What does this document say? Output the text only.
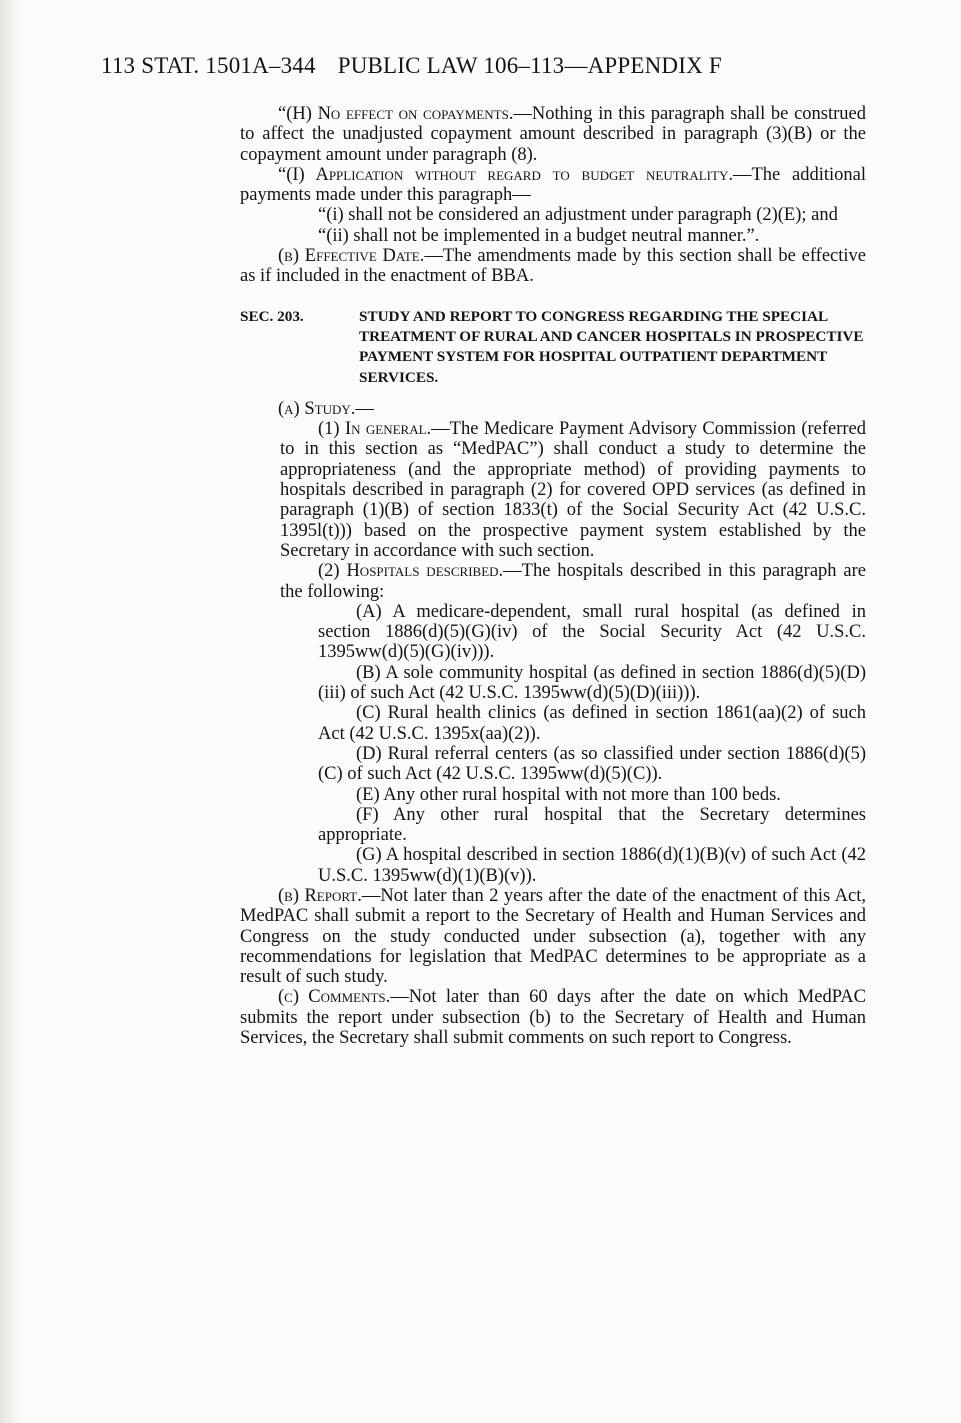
113 STAT. 1501A–344 PUBLIC LAW 106–113—APPENDIX F

“(H) No effect on copayments.—Nothing in this paragraph shall be construed to affect the unadjusted copayment amount described in paragraph (3)(B) or the copayment amount under paragraph (8).

“(I) Application without regard to budget neutrality.—The additional payments made under this paragraph—

“(i) shall not be considered an adjustment under paragraph (2)(E); and

“(ii) shall not be implemented in a budget neutral manner.”.

(b) Effective Date.—The amendments made by this section shall be effective as if included in the enactment of BBA.

SEC. 203.	STUDY AND REPORT TO CONGRESS REGARDING THE SPECIAL TREATMENT OF RURAL AND CANCER HOSPITALS IN PROSPECTIVE PAYMENT SYSTEM FOR HOSPITAL OUTPATIENT DEPARTMENT SERVICES.

(a) Study.—

(1) In general.—The Medicare Payment Advisory Commission (referred to in this section as “MedPAC”) shall conduct a study to determine the appropriateness (and the appropriate method) of providing payments to hospitals described in paragraph (2) for covered OPD services (as defined in paragraph (1)(B) of section 1833(t) of the Social Security Act (42 U.S.C. 1395l(t))) based on the prospective payment system established by the Secretary in accordance with such section.

(2) Hospitals described.—The hospitals described in this paragraph are the following:

(A) A medicare-dependent, small rural hospital (as defined in section 1886(d)(5)(G)(iv) of the Social Security Act (42 U.S.C. 1395ww(d)(5)(G)(iv))).

(B) A sole community hospital (as defined in section 1886(d)(5)(D)(iii) of such Act (42 U.S.C. 1395ww(d)(5)(D)(iii))).

(C) Rural health clinics (as defined in section 1861(aa)(2) of such Act (42 U.S.C. 1395x(aa)(2)).

(D) Rural referral centers (as so classified under section 1886(d)(5)(C) of such Act (42 U.S.C. 1395ww(d)(5)(C)).

(E) Any other rural hospital with not more than 100 beds.

(F) Any other rural hospital that the Secretary determines appropriate.

(G) A hospital described in section 1886(d)(1)(B)(v) of such Act (42 U.S.C. 1395ww(d)(1)(B)(v)).

(b) Report.—Not later than 2 years after the date of the enactment of this Act, MedPAC shall submit a report to the Secretary of Health and Human Services and Congress on the study conducted under subsection (a), together with any recommendations for legislation that MedPAC determines to be appropriate as a result of such study.

(c) Comments.—Not later than 60 days after the date on which MedPAC submits the report under subsection (b) to the Secretary of Health and Human Services, the Secretary shall submit comments on such report to Congress.
